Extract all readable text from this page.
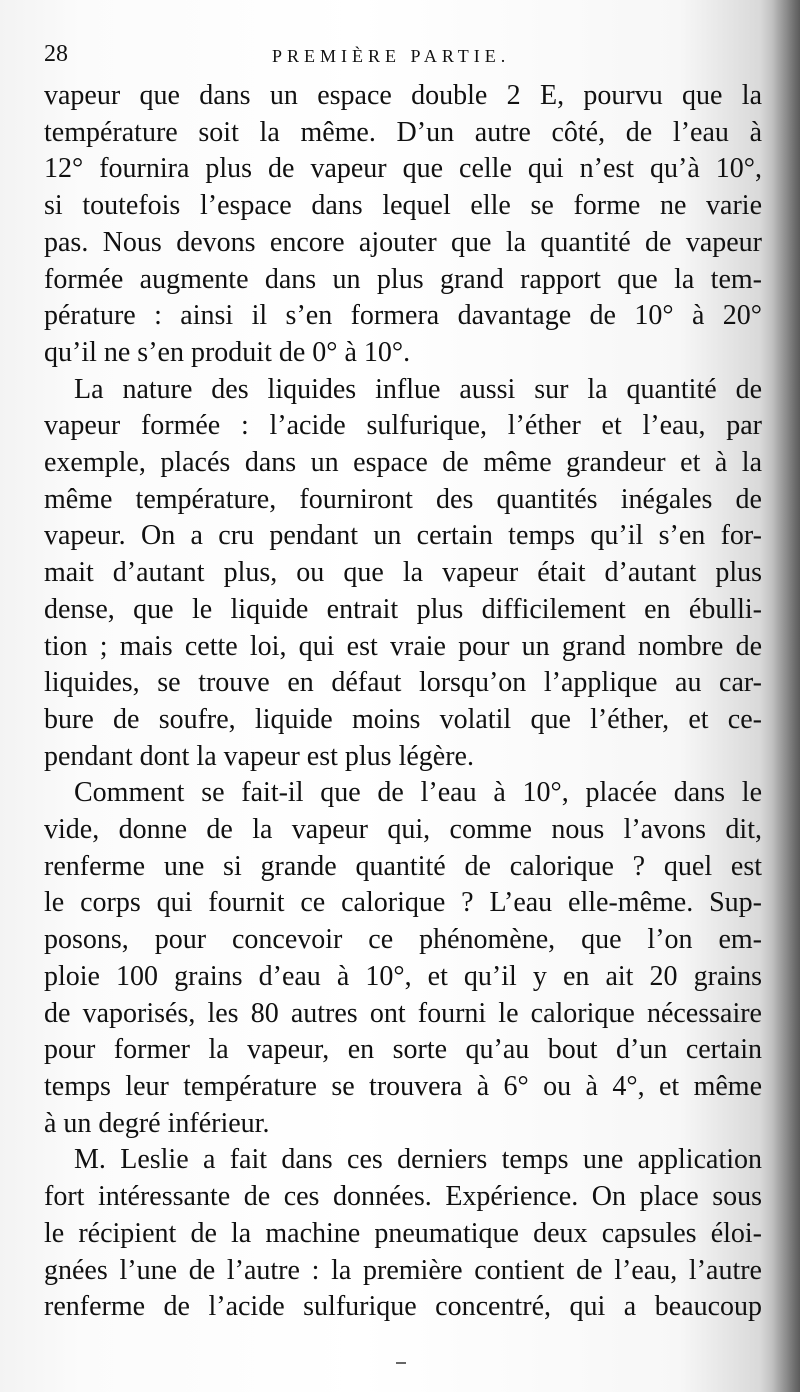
28	PREMIÈRE PARTIE.
vapeur que dans un espace double 2 E, pourvu que la
température soit la même. D’un autre côté, de l’eau à
12° fournira plus de vapeur que celle qui n’est qu’à 10°,
si toutefois l’espace dans lequel elle se forme ne varie
pas. Nous devons encore ajouter que la quantité de vapeur
formée augmente dans un plus grand rapport que la tem-
pérature : ainsi il s’en formera davantage de 10° à 20°
qu’il ne s’en produit de 0° à 10°.
La nature des liquides influe aussi sur la quantité de
vapeur formée : l’acide sulfurique, l’éther et l’eau, par
exemple, placés dans un espace de même grandeur et à la
même température, fourniront des quantités inégales de
vapeur. On a cru pendant un certain temps qu’il s’en for-
mait d’autant plus, ou que la vapeur était d’autant plus
dense, que le liquide entrait plus difficilement en ébulli-
tion ; mais cette loi, qui est vraie pour un grand nombre de
liquides, se trouve en défaut lorsqu’on l’applique au car-
bure de soufre, liquide moins volatil que l’éther, et ce-
pendant dont la vapeur est plus légère.
Comment se fait-il que de l’eau à 10°, placée dans le
vide, donne de la vapeur qui, comme nous l’avons dit,
renferme une si grande quantité de calorique ? quel est
le corps qui fournit ce calorique ? L’eau elle-même. Sup-
posons, pour concevoir ce phénomène, que l’on em-
ploie 100 grains d’eau à 10°, et qu’il y en ait 20 grains
de vaporisés, les 80 autres ont fourni le calorique nécessaire
pour former la vapeur, en sorte qu’au bout d’un certain
temps leur température se trouvera à 6° ou à 4°, et même
à un degré inférieur.
M. Leslie a fait dans ces derniers temps une application
fort intéressante de ces données. Expérience. On place sous
le récipient de la machine pneumatique deux capsules éloi-
gnées l’une de l’autre : la première contient de l’eau, l’autre
renferme de l’acide sulfurique concentré, qui a beaucoup
